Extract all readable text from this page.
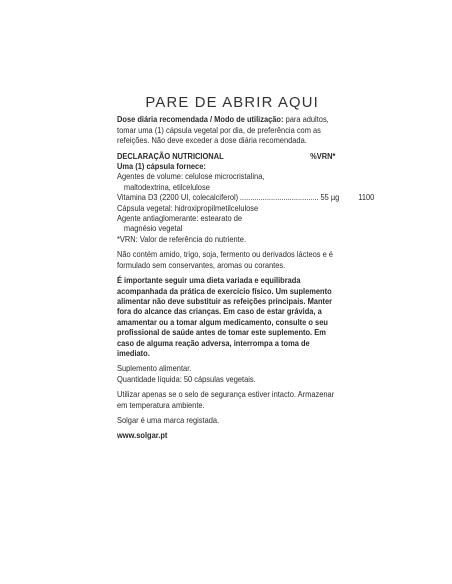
PARE DE ABRIR AQUI

Dose diária recomendada / Modo de utilização: para adultos, tomar uma (1) cápsula vegetal por dia, de preferência com as refeições. Não deve exceder a dose diária recomendada.

DECLARAÇÃO NUTRICIONAL	%VRN*

Uma (1) cápsula fornece:

Agentes de volume: celulose microcristalina,

maltodextrina, etilcelulose

Vitamina D3 (2200 UI, colecalciferol) ...................................... 55 µg 1100

Cápsula vegetal: hidroxipropilmetilcelulose

Agente antiaglomerante: estearato de

magnésio vegetal

*VRN: Valor de referência do nutriente.

Não contém amido, trigo, soja, fermento ou derivados lácteos e é formulado sem conservantes, aromas ou corantes.

É importante seguir uma dieta variada e equilibrada acompanhada da prática de exercício físico. Um suplemento alimentar não deve substituir as refeições principais. Manter fora do alcance das crianças. Em caso de estar grávida, a amamentar ou a tomar algum medicamento, consulte o seu profissional de saúde antes de tomar este suplemento. Em caso de alguma reação adversa, interrompa a toma de imediato.

Suplemento alimentar.

Quantidade líquida: 50 cápsulas vegetais.

Utilizar apenas se o selo de segurança estiver intacto. Armazenar em temperatura ambiente.

Solgar é uma marca registada.

www.solgar.pt
